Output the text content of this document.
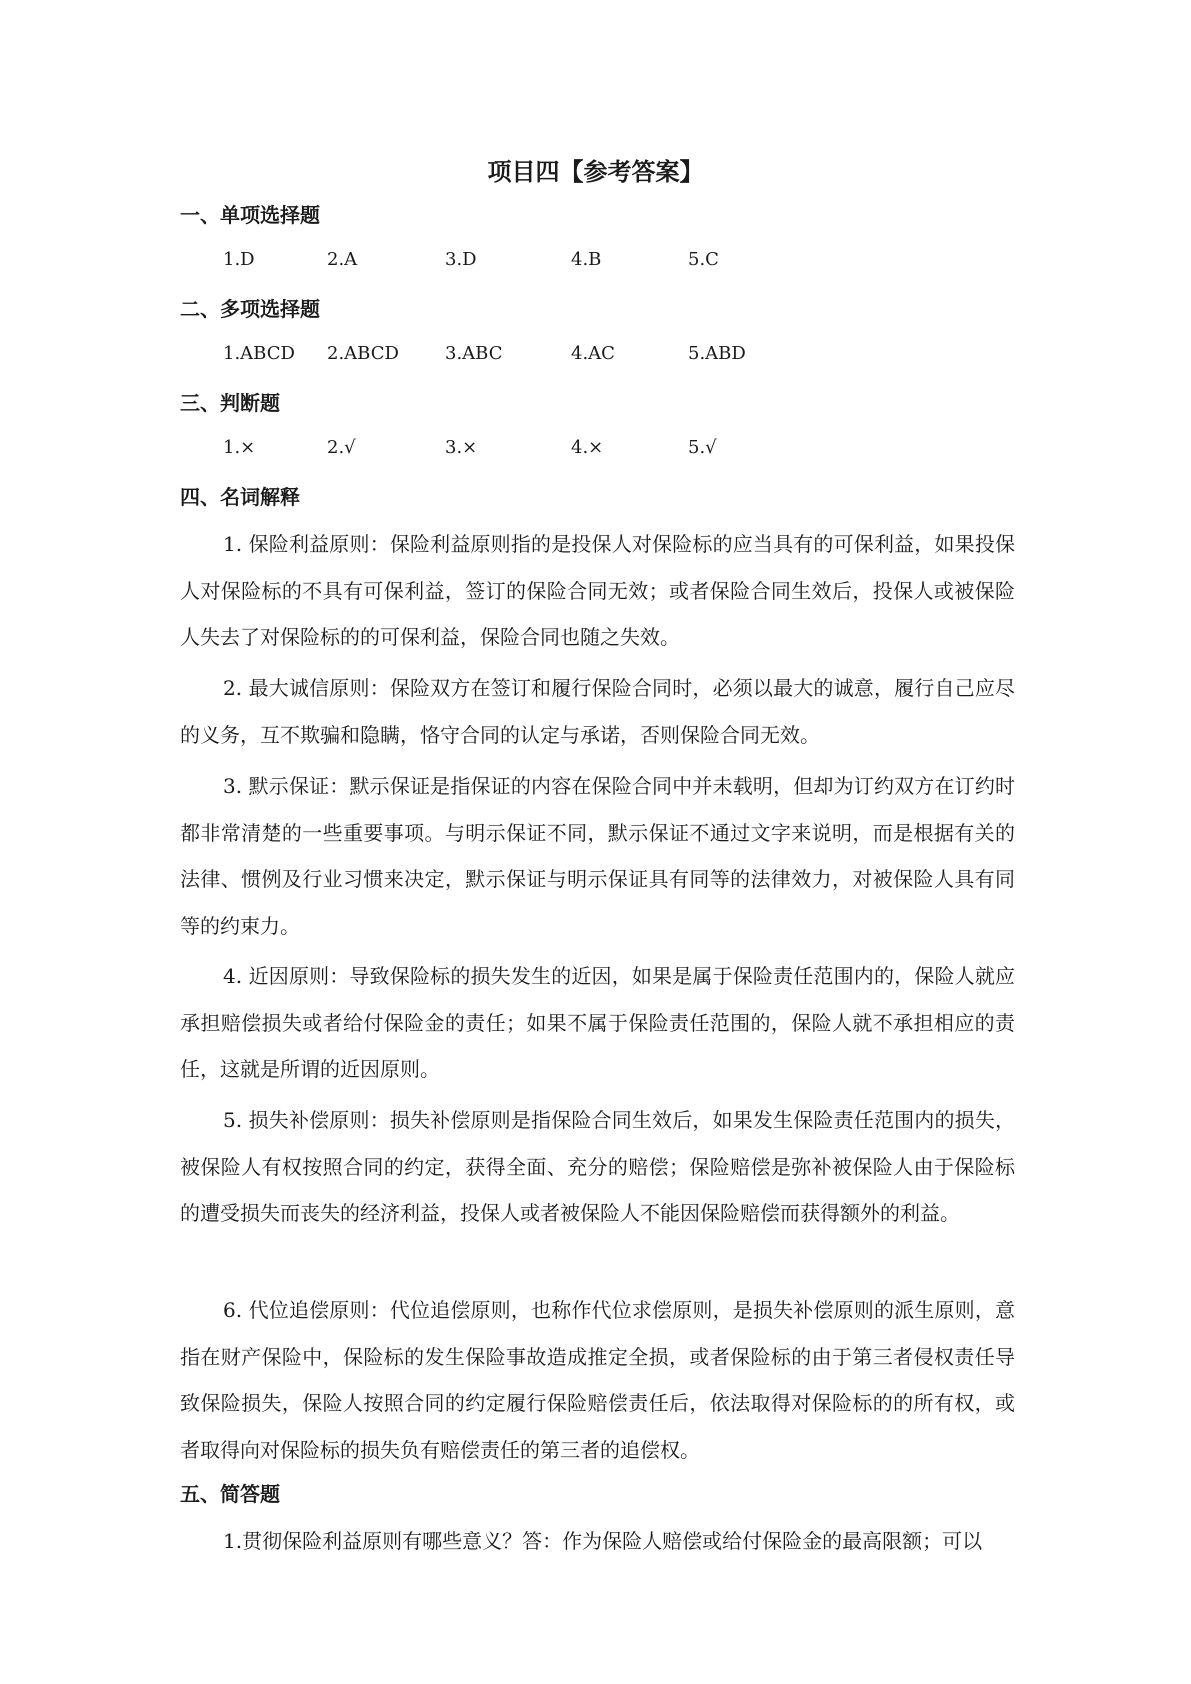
项目四【参考答案】
一、单项选择题
1.D	2.A	3.D	4.B	5.C
二、多项选择题
1.ABCD 2.ABCD	3.ABC	4.AC	5.ABD
三、判断题
1.×	2.√	3.×	4.×	5.√
四、名词解释

1. 保险利益原则：保险利益原则指的是投保人对保险标的应当具有的可保利益，如果投保人对保险标的不具有可保利益，签订的保险合同无效；或者保险合同生效后，投保人或被保险人失去了对保险标的的可保利益，保险合同也随之失效。

2. 最大诚信原则：保险双方在签订和履行保险合同时，必须以最大的诚意，履行自己应尽的义务，互不欺骗和隐瞒，恪守合同的认定与承诺，否则保险合同无效。

3. 默示保证：默示保证是指保证的内容在保险合同中并未载明，但却为订约双方在订约时都非常清楚的一些重要事项。与明示保证不同，默示保证不通过文字来说明，而是根据有关的法律、惯例及行业习惯来决定，默示保证与明示保证具有同等的法律效力，对被保险人具有同等的约束力。

4. 近因原则：导致保险标的损失发生的近因，如果是属于保险责任范围内的，保险人就应承担赔偿损失或者给付保险金的责任；如果不属于保险责任范围的，保险人就不承担相应的责任，这就是所谓的近因原则。

5. 损失补偿原则：损失补偿原则是指保险合同生效后，如果发生保险责任范围内的损失，被保险人有权按照合同的约定，获得全面、充分的赔偿；保险赔偿是弥补被保险人由于保险标的遭受损失而丧失的经济利益，投保人或者被保险人不能因保险赔偿而获得额外的利益。

6. 代位追偿原则：代位追偿原则，也称作代位求偿原则，是损失补偿原则的派生原则，意指在财产保险中，保险标的发生保险事故造成推定全损，或者保险标的由于第三者侵权责任导致保险损失，保险人按照合同的约定履行保险赔偿责任后，依法取得对保险标的的所有权，或者取得向对保险标的损失负有赔偿责任的第三者的追偿权。

五、简答题

1.贯彻保险利益原则有哪些意义？答：作为保险人赔偿或给付保险金的最高限额；可以
